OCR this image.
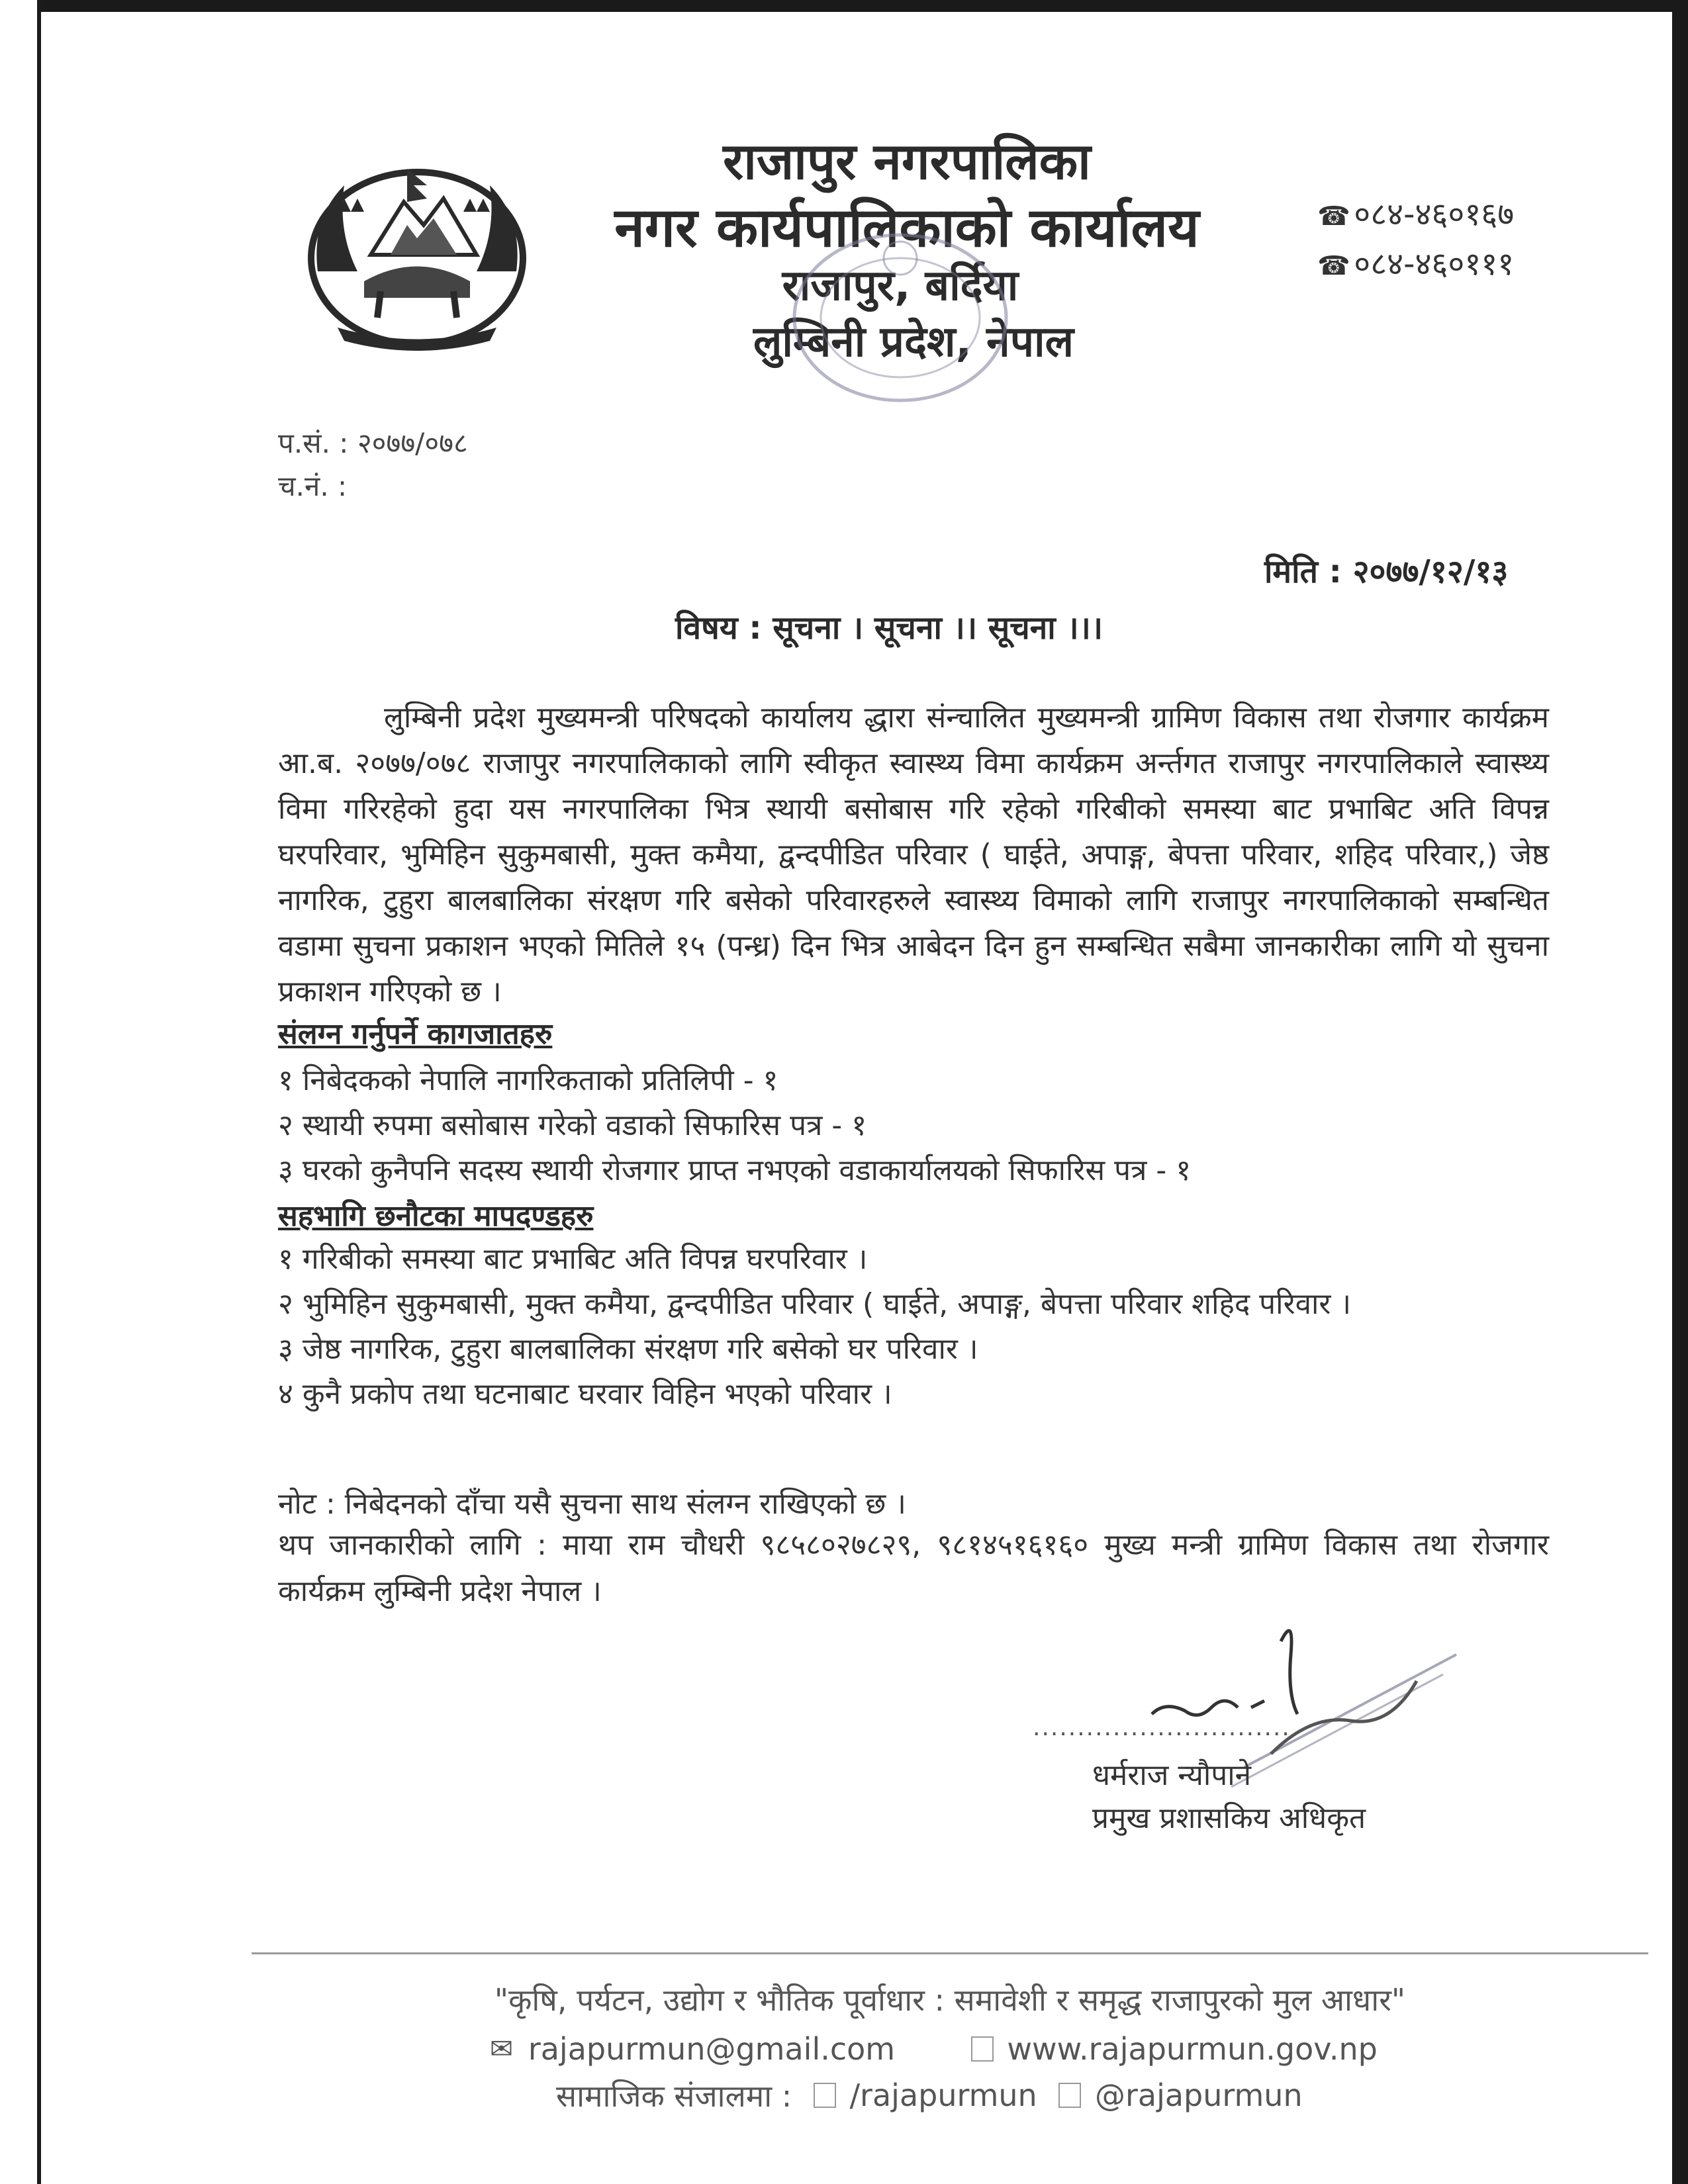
राजापुर नगरपालिका
नगर कार्यपालिकाको कार्यालय
राजापुर, बर्दिया
लुम्बिनी प्रदेश, नेपाल
☎ ०८४-४६०१६७
☎ ०८४-४६०१११
प.सं. : २०७७/०७८
च.नं. :
मिति : २०७७/१२/१३
विषय : सूचना । सूचना ।। सूचना ।।।
लुम्बिनी प्रदेश मुख्यमन्त्री परिषदको कार्यालय द्धारा संन्चालित मुख्यमन्त्री ग्रामिण विकास तथा रोजगार कार्यक्रम आ.ब. २०७७/०७८ राजापुर नगरपालिकाको लागि स्वीकृत स्वास्थ्य विमा कार्यक्रम अर्न्तगत राजापुर नगरपालिकाले स्वास्थ्य विमा गरिरहेको हुदा यस नगरपालिका भित्र स्थायी बसोबास गरि रहेको गरिबीको समस्या बाट प्रभाबिट अति विपन्न घरपरिवार, भुमिहिन सुकुमबासी, मुक्त कमैया, द्वन्दपीडित परिवार ( घाईते, अपाङ्ग, बेपत्ता परिवार, शहिद परिवार,) जेष्ठ नागरिक, टुहुरा बालबालिका संरक्षण गरि बसेको परिवारहरुले स्वास्थ्य विमाको लागि राजापुर नगरपालिकाको सम्बन्धित वडामा सुचना प्रकाशन भएको मितिले १५ (पन्ध्र) दिन भित्र आबेदन दिन हुन सम्बन्धित सबैमा जानकारीका लागि यो सुचना प्रकाशन गरिएको छ ।
संलग्न गर्नुपर्ने कागजातहरु
१ निबेदकको नेपालि नागरिकताको प्रतिलिपी - १
२ स्थायी रुपमा बसोबास गरेको वडाको सिफारिस पत्र - १
३ घरको कुनैपनि सदस्य स्थायी रोजगार प्राप्त नभएको वडाकार्यालयको सिफारिस पत्र - १
सहभागि छनौटका मापदण्डहरु
१ गरिबीको समस्या बाट प्रभाबिट अति विपन्न घरपरिवार ।
२ भुमिहिन सुकुमबासी, मुक्त कमैया, द्वन्दपीडित परिवार ( घाईते, अपाङ्ग, बेपत्ता परिवार शहिद परिवार ।
३ जेष्ठ नागरिक, टुहुरा बालबालिका संरक्षण गरि बसेको घर परिवार ।
४ कुनै प्रकोप तथा घटनाबाट घरवार विहिन भएको परिवार ।
नोट : निबेदनको दाँचा यसै सुचना साथ संलग्न राखिएको छ ।
थप जानकारीको लागि : माया राम चौधरी ९८५८०२७८२९, ९८१४५१६१६० मुख्य मन्त्री ग्रामिण विकास तथा रोजगार कार्यक्रम लुम्बिनी प्रदेश नेपाल ।
.............................
धर्मराज न्यौपाने
प्रमुख प्रशासकिय अधिकृत
"कृषि, पर्यटन, उद्योग र भौतिक पूर्वाधार : समावेशी र समृद्ध राजापुरको मुल आधार"
✉ rajapurmun@gmail.com	www.rajapurmun.gov.np
सामाजिक संजालमा : /rajapurmun @rajapurmun
